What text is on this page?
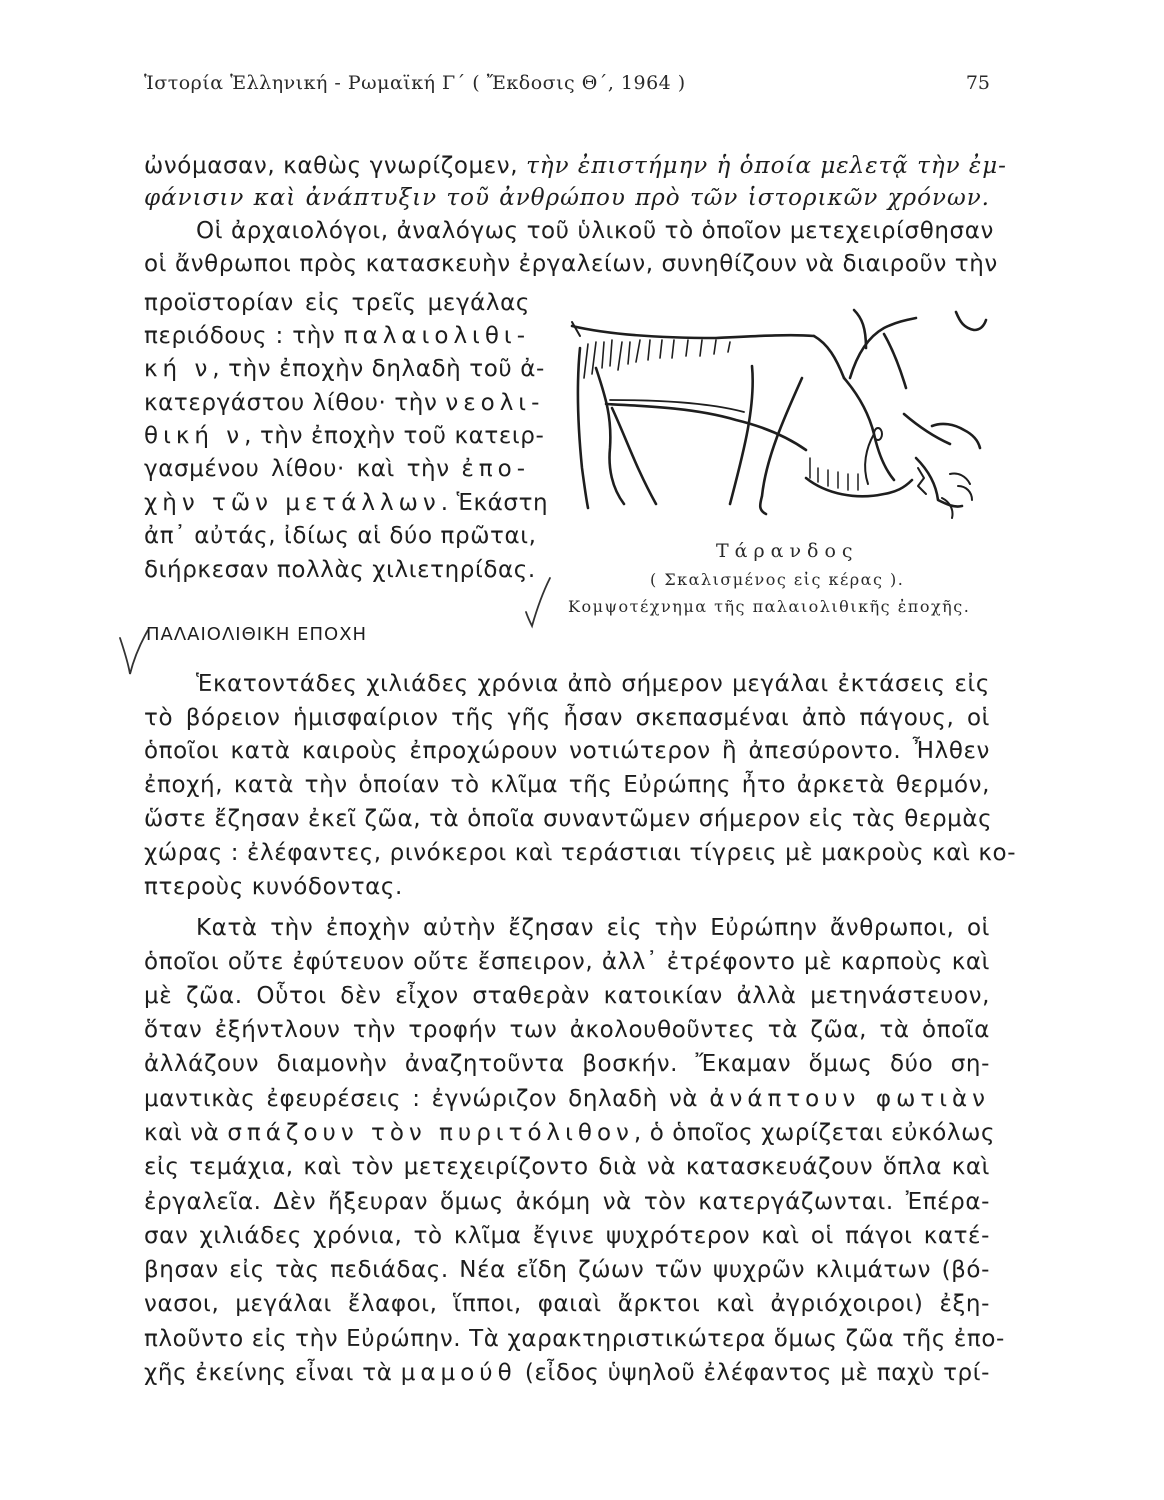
Ἱστορία Ἑλληνική - Ρωμαϊκή Γ΄ ( Ἔκδοσις Θ΄, 1964 )	75
ὠνόμασαν, καθὼς γνωρίζομεν, τὴν ἐπιστήμην ἡ ὁποία μελετᾷ τὴν ἐμ-
φάνισιν καὶ ἀνάπτυξιν τοῦ ἀνθρώπου πρὸ τῶν ἱστορικῶν χρόνων.
Οἱ ἀρχαιολόγοι, ἀναλόγως τοῦ ὑλικοῦ τὸ ὁποῖον μετεχειρίσθησαν
οἱ ἄνθρωποι πρὸς κατασκευὴν ἐργαλείων, συνηθίζουν νὰ διαιροῦν τὴν
προϊστορίαν εἰς τρεῖς μεγάλας
περιόδους : τὴν παλαιολιθι-
κή ν, τὴν ἐποχὴν δηλαδὴ τοῦ ἀ-
κατεργάστου λίθου· τὴν νεολι-
θική ν, τὴν ἐποχὴν τοῦ κατειρ-
γασμένου λίθου· καὶ τὴν ἐπο-
χὴν τῶν μετάλλων. Ἑκάστη
ἀπ᾿ αὐτάς, ἰδίως αἱ δύο πρῶται,
διήρκεσαν πολλὰς χιλιετηρίδας.
Τάρανδος
( Σκαλισμένος εἰς κέρας ).
Κομψοτέχνημα τῆς παλαιολιθικῆς ἐποχῆς.
ΠΑΛΑΙΟΛΙΘΙΚΗ ΕΠΟΧΗ
Ἑκατοντάδες χιλιάδες χρόνια ἀπὸ σήμερον μεγάλαι ἐκτάσεις εἰς
τὸ βόρειον ἡμισφαίριον τῆς γῆς ἦσαν σκεπασμέναι ἀπὸ πάγους, οἱ
ὁποῖοι κατὰ καιροὺς ἐπροχώρουν νοτιώτερον ἢ ἀπεσύροντο. Ἦλθεν
ἐποχή, κατὰ τὴν ὁποίαν τὸ κλῖμα τῆς Εὐρώπης ἦτο ἀρκετὰ θερμόν,
ὥστε ἔζησαν ἐκεῖ ζῶα, τὰ ὁποῖα συναντῶμεν σήμερον εἰς τὰς θερμὰς
χώρας : ἐλέφαντες, ρινόκεροι καὶ τεράστιαι τίγρεις μὲ μακροὺς καὶ κο-
πτεροὺς κυνόδοντας.
Κατὰ τὴν ἐποχὴν αὐτὴν ἔζησαν εἰς τὴν Εὐρώπην ἄνθρωποι, οἱ
ὁποῖοι οὔτε ἐφύτευον οὔτε ἔσπειρον, ἀλλ᾿ ἐτρέφοντο μὲ καρποὺς καὶ
μὲ ζῶα. Οὗτοι δὲν εἶχον σταθερὰν κατοικίαν ἀλλὰ μετηνάστευον,
ὅταν ἐξήντλουν τὴν τροφήν των ἀκολουθοῦντες τὰ ζῶα, τὰ ὁποῖα
ἀλλάζουν διαμονὴν ἀναζητοῦντα βοσκήν. Ἔκαμαν ὅμως δύο ση-
μαντικὰς ἐφευρέσεις : ἐγνώριζον δηλαδὴ νὰ ἀνάπτουν φωτιὰν
καὶ νὰ σπάζουν τὸν πυριτόλιθον, ὁ ὁποῖος χωρίζεται εὐκόλως
εἰς τεμάχια, καὶ τὸν μετεχειρίζοντο διὰ νὰ κατασκευάζουν ὅπλα καὶ
ἐργαλεῖα. Δὲν ἤξευραν ὅμως ἀκόμη νὰ τὸν κατεργάζωνται. Ἐπέρα-
σαν χιλιάδες χρόνια, τὸ κλῖμα ἔγινε ψυχρότερον καὶ οἱ πάγοι κατέ-
βησαν εἰς τὰς πεδιάδας. Νέα εἴδη ζώων τῶν ψυχρῶν κλιμάτων (βό-
νασοι, μεγάλαι ἔλαφοι, ἵπποι, φαιαὶ ἄρκτοι καὶ ἀγριόχοιροι) ἐξη-
πλοῦντο εἰς τὴν Εὐρώπην. Τὰ χαρακτηριστικώτερα ὅμως ζῶα τῆς ἐπο-
χῆς ἐκείνης εἶναι τὰ μαμούθ (εἶδος ὑψηλοῦ ἐλέφαντος μὲ παχὺ τρί-
